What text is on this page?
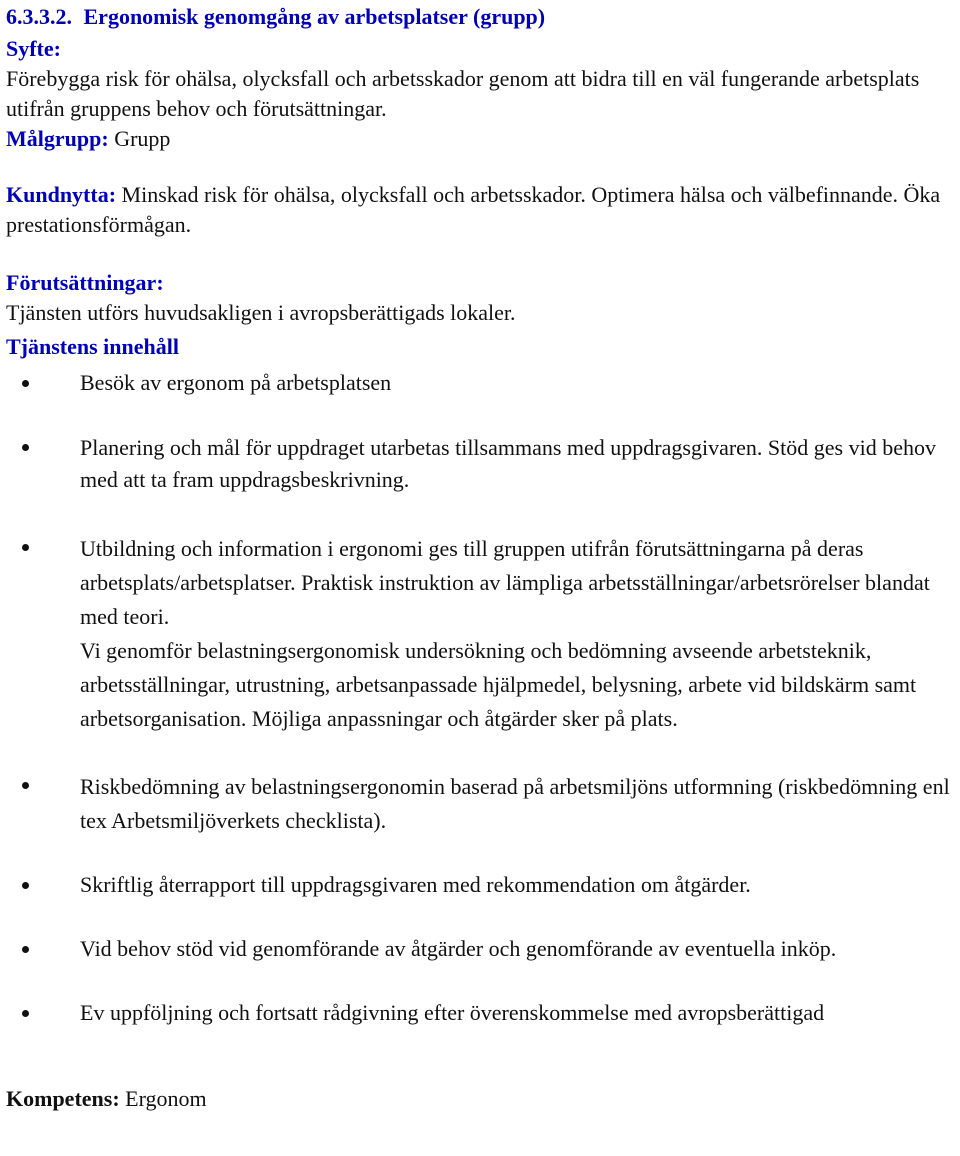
6.3.3.2. Ergonomisk genomgång av arbetsplatser (grupp)
Syfte:

Förebygga risk för ohälsa, olycksfall och arbetsskador genom att bidra till en väl fungerande arbetsplats utifrån gruppens behov och förutsättningar.

Målgrupp: Grupp

Kundnytta: Minskad risk för ohälsa, olycksfall och arbetsskador. Optimera hälsa och välbefinnande. Öka prestationsförmågan.

Förutsättningar:

Tjänsten utförs huvudsakligen i avropsberättigads lokaler.

Tjänstens innehåll

Besök av ergonom på arbetsplatsen

Planering och mål för uppdraget utarbetas tillsammans med uppdragsgivaren. Stöd ges vid behov med att ta fram uppdragsbeskrivning.

Utbildning och information i ergonomi ges till gruppen utifrån förutsättningarna på deras arbetsplats/arbetsplatser. Praktisk instruktion av lämpliga arbetsställningar/arbetsrörelser blandat med teori.

Vi genomför belastningsergonomisk undersökning och bedömning avseende arbetsteknik, arbetsställningar, utrustning, arbetsanpassade hjälpmedel, belysning, arbete vid bildskärm samt arbetsorganisation. Möjliga anpassningar och åtgärder sker på plats.

Riskbedömning av belastningsergonomin baserad på arbetsmiljöns utformning (riskbedömning enl tex Arbetsmiljöverkets checklista).

Skriftlig återrapport till uppdragsgivaren med rekommendation om åtgärder.

Vid behov stöd vid genomförande av åtgärder och genomförande av eventuella inköp.

Ev uppföljning och fortsatt rådgivning efter överenskommelse med avropsberättigad

Kompetens: Ergonom
